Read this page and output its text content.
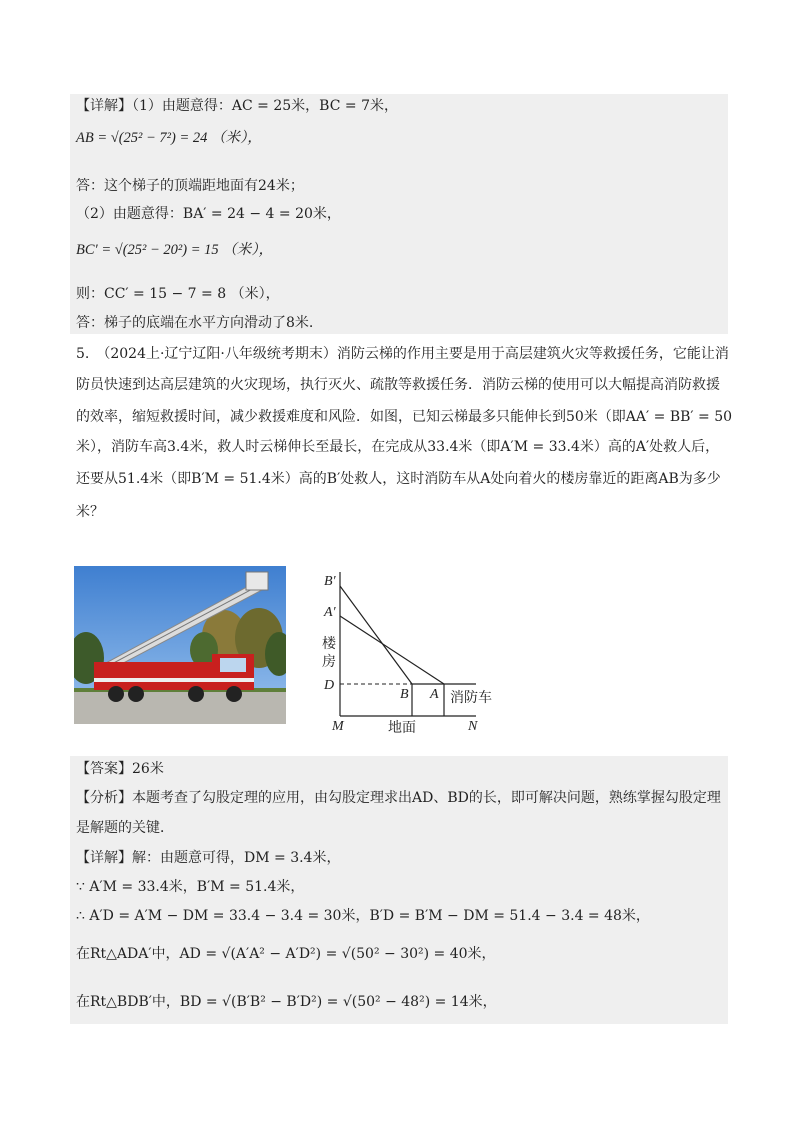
【详解】（1）由题意得：AC = 25米，BC = 7米，
AB = √(25² − 7²) = 24 （米），
答：这个梯子的顶端距地面有24米；
（2）由题意得：BA′ = 24 − 4 = 20米，
BC′ = √(25² − 20²) = 15 （米），
则：CC′ = 15 − 7 = 8 （米），
答：梯子的底端在水平方向滑动了8米.
5.　（2024上·辽宁辽阳·八年级统考期末）消防云梯的作用主要是用于高层建筑火灾等救援任务，它能让消
防员快速到达高层建筑的火灾现场，执行灭火、疏散等救援任务．消防云梯的使用可以大幅提高消防救援
的效率，缩短救援时间，减少救援难度和风险．如图，已知云梯最多只能伸长到50米（即AA′ = BB′ = 50
米），消防车高3.4米，救人时云梯伸长至最长，在完成从33.4米（即A′M = 33.4米）高的A′处救人后，
还要从51.4米（即B′M = 51.4米）高的B′处救人，这时消防车从A处向着火的楼房靠近的距离AB为多少
米？
B′
A′
楼
房
D
B A 消防车
M	地面	N
【答案】26米
【分析】本题考查了勾股定理的应用，由勾股定理求出AD、BD的长，即可解决问题，熟练掌握勾股定理
是解题的关键．
【详解】解：由题意可得，DM = 3.4米，
∵ A′M = 33.4米，B′M = 51.4米，
∴ A′D = A′M − DM = 33.4 − 3.4 = 30米，B′D = B′M − DM = 51.4 − 3.4 = 48米，
在Rt△ADA′中，AD = √(A′A² − A′D²) = √(50² − 30²) = 40米，
在Rt△BDB′中，BD = √(B′B² − B′D²) = √(50² − 48²) = 14米，
